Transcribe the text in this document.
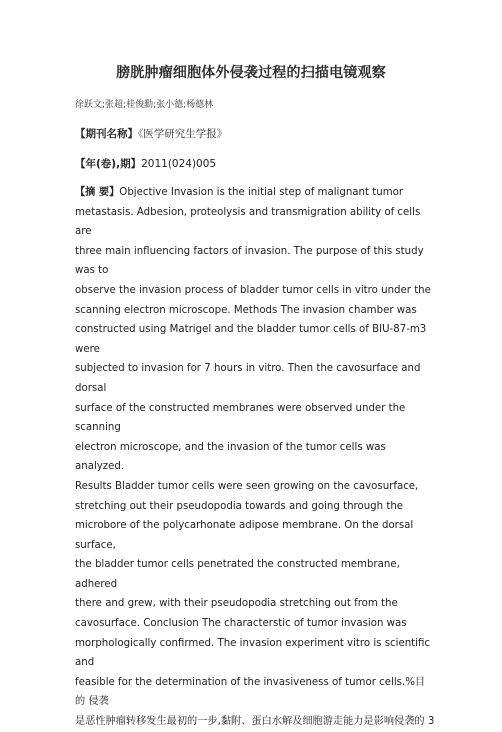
膀胱肿瘤细胞体外侵袭过程的扫描电镜观察
徐跃文;张超;桂俊勳;张小德;杨德林
【期刊名称】《医学研究生学报》
【年(卷),期】2011(024)005
【摘 要】Objective Invasion is the initial step of malignant tumor
metastasis. Adbesion, proteolysis and transmigration ability of cells are
three main influencing factors of invasion. The purpose of this study was to
observe the invasion process of bladder tumor cells in vitro under the
scanning electron microscope. Methods The invasion chamber was
constructed using Matrigel and the bladder tumor cells of BIU-87-m3 were
subjected to invasion for 7 hours in vitro. Then the cavosurface and dorsal
surface of the constructed membranes were observed under the scanning
electron microscope, and the invasion of the tumor cells was analyzed.
Results Bladder tumor cells were seen growing on the cavosurface,
stretching out their pseudopodia towards and going through the
microbore of the polycarhonate adipose membrane. On the dorsal surface,
the bladder tumor cells penetrated the constructed membrane, adhered
there and grew, with their pseudopodia stretching out from the
cavosurface. Conclusion The characterstic of tumor invasion was
morphologically confirmed. The invasion experiment vitro is scientific and
feasible for the determination of the invasiveness of tumor cells.%目的 侵袭
是恶性肿瘤转移发生最初的一步,黏附、蛋白水解及细胞游走能力是影响侵袭的 3
